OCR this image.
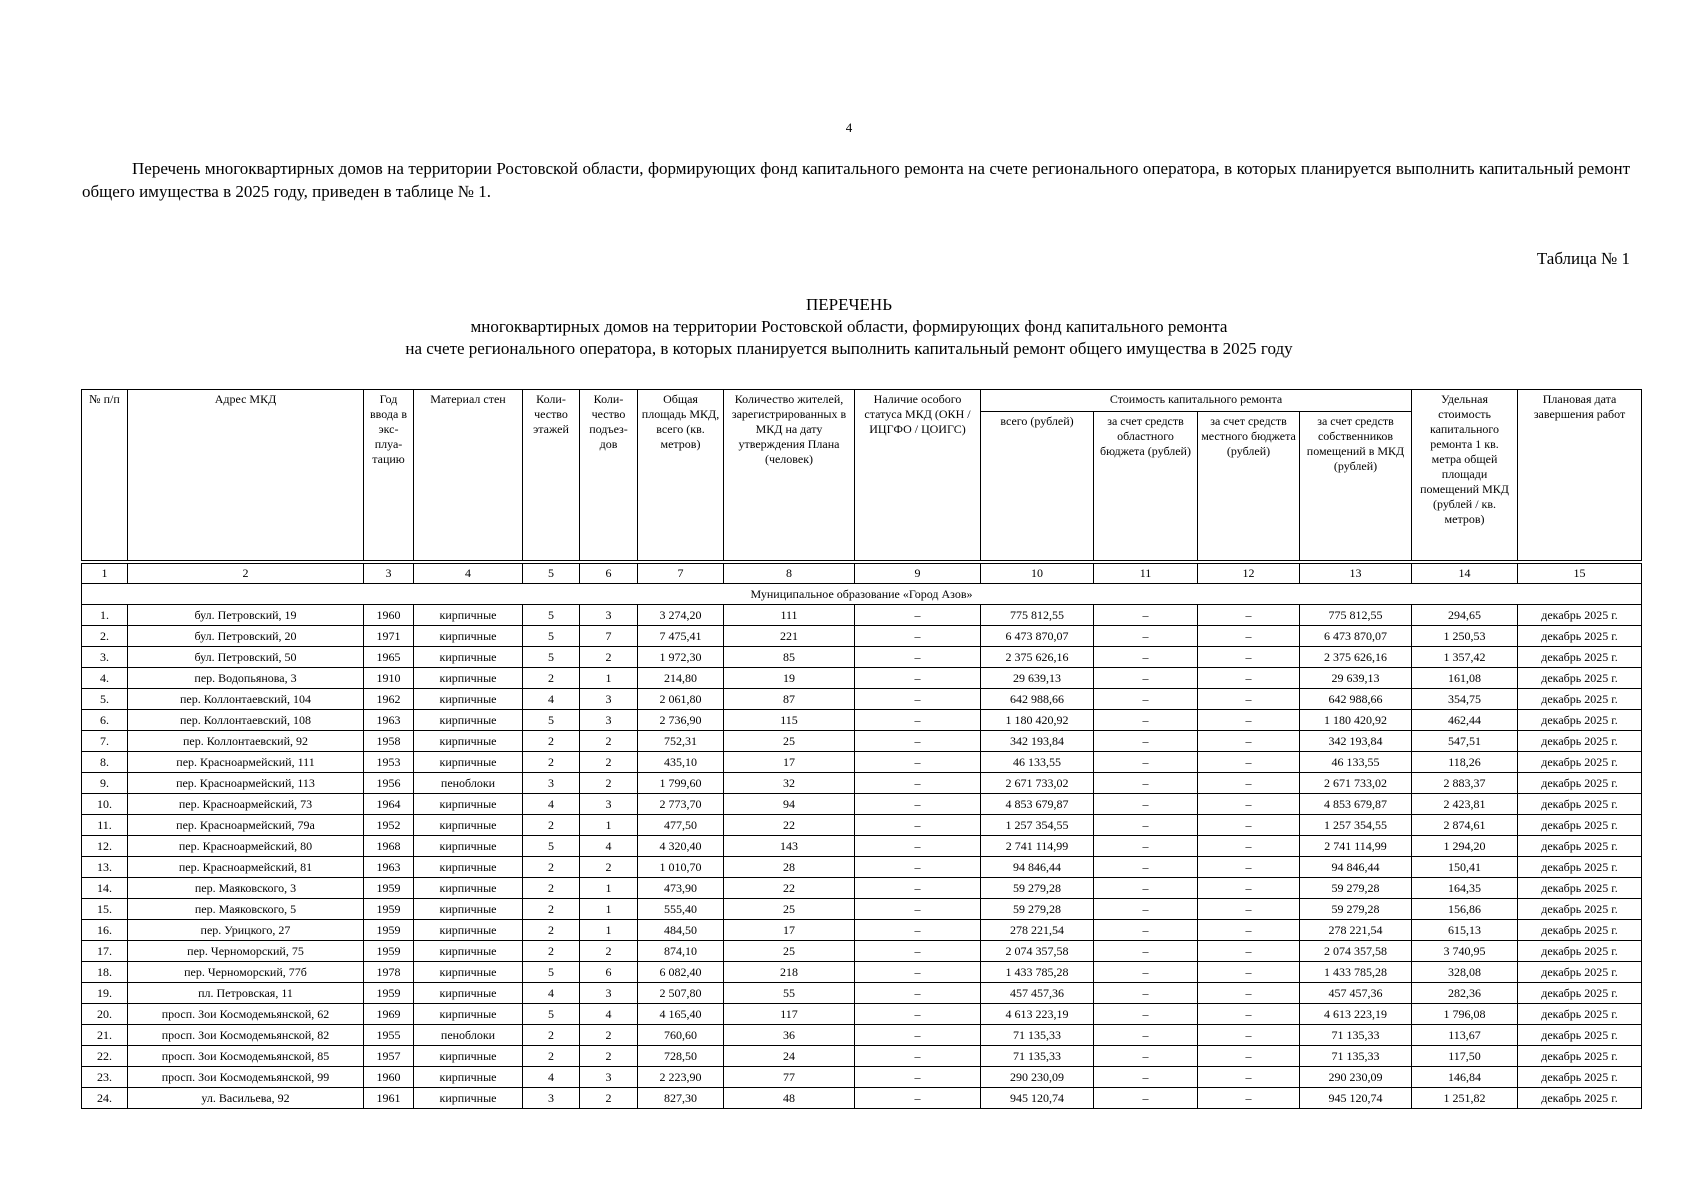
4

Перечень многоквартирных домов на территории Ростовской области, формирующих фонд капитального ремонта на счете регионального оператора, в которых планируется выполнить капитальный ремонт общего имущества в 2025 году, приведен в таблице № 1.

Таблица № 1
ПЕРЕЧЕНЬ
многоквартирных домов на территории Ростовской области, формирующих фонд капитального ремонта
на счете регионального оператора, в которых планируется выполнить капитальный ремонт общего имущества в 2025 году
№ п/п	Адрес МКД	Год ввода в экс- плуа- тацию	Материал стен	Коли- чество этажей	Коли- чество подъез- дов	Общая площадь МКД, всего (кв. метров)	Количество жителей, зарегистрированных в МКД на дату утверждения Плана (человек)	Наличие особого статуса МКД (ОКН / ИЦГФО / ЦОИГС)	Стоимость капитального ремонта				Удельная стоимость капитального ремонта 1 кв. метра общей площади помещений МКД (рублей / кв. метров)	Плановая дата завершения работ
									всего (рублей)	за счет средств областного бюджета (рублей)	за счет средств местного бюджета (рублей)	за счет средств собственников помещений в МКД (рублей)		

1	2	3	4	5	6	7	8	9	10	11	12	13	14	15
Муниципальное образование «Город Азов»														
1.	бул. Петровский, 19	1960	кирпичные	5	3	3 274,20	111	–	775 812,55	–	–	775 812,55	294,65	декабрь 2025 г.
2.	бул. Петровский, 20	1971	кирпичные	5	7	7 475,41	221	–	6 473 870,07	–	–	6 473 870,07	1 250,53	декабрь 2025 г.
3.	бул. Петровский, 50	1965	кирпичные	5	2	1 972,30	85	–	2 375 626,16	–	–	2 375 626,16	1 357,42	декабрь 2025 г.
4.	пер. Водопьянова, 3	1910	кирпичные	2	1	214,80	19	–	29 639,13	–	–	29 639,13	161,08	декабрь 2025 г.
5.	пер. Коллонтаевский, 104	1962	кирпичные	4	3	2 061,80	87	–	642 988,66	–	–	642 988,66	354,75	декабрь 2025 г.
6.	пер. Коллонтаевский, 108	1963	кирпичные	5	3	2 736,90	115	–	1 180 420,92	–	–	1 180 420,92	462,44	декабрь 2025 г.
7.	пер. Коллонтаевский, 92	1958	кирпичные	2	2	752,31	25	–	342 193,84	–	–	342 193,84	547,51	декабрь 2025 г.
8.	пер. Красноармейский, 111	1953	кирпичные	2	2	435,10	17	–	46 133,55	–	–	46 133,55	118,26	декабрь 2025 г.
9.	пер. Красноармейский, 113	1956	пеноблоки	3	2	1 799,60	32	–	2 671 733,02	–	–	2 671 733,02	2 883,37	декабрь 2025 г.
10.	пер. Красноармейский, 73	1964	кирпичные	4	3	2 773,70	94	–	4 853 679,87	–	–	4 853 679,87	2 423,81	декабрь 2025 г.
11.	пер. Красноармейский, 79а	1952	кирпичные	2	1	477,50	22	–	1 257 354,55	–	–	1 257 354,55	2 874,61	декабрь 2025 г.
12.	пер. Красноармейский, 80	1968	кирпичные	5	4	4 320,40	143	–	2 741 114,99	–	–	2 741 114,99	1 294,20	декабрь 2025 г.
13.	пер. Красноармейский, 81	1963	кирпичные	2	2	1 010,70	28	–	94 846,44	–	–	94 846,44	150,41	декабрь 2025 г.
14.	пер. Маяковского, 3	1959	кирпичные	2	1	473,90	22	–	59 279,28	–	–	59 279,28	164,35	декабрь 2025 г.
15.	пер. Маяковского, 5	1959	кирпичные	2	1	555,40	25	–	59 279,28	–	–	59 279,28	156,86	декабрь 2025 г.
16.	пер. Урицкого, 27	1959	кирпичные	2	1	484,50	17	–	278 221,54	–	–	278 221,54	615,13	декабрь 2025 г.
17.	пер. Черноморский, 75	1959	кирпичные	2	2	874,10	25	–	2 074 357,58	–	–	2 074 357,58	3 740,95	декабрь 2025 г.
18.	пер. Черноморский, 77б	1978	кирпичные	5	6	6 082,40	218	–	1 433 785,28	–	–	1 433 785,28	328,08	декабрь 2025 г.
19.	пл. Петровская, 11	1959	кирпичные	4	3	2 507,80	55	–	457 457,36	–	–	457 457,36	282,36	декабрь 2025 г.
20.	просп. Зои Космодемьянской, 62	1969	кирпичные	5	4	4 165,40	117	–	4 613 223,19	–	–	4 613 223,19	1 796,08	декабрь 2025 г.
21.	просп. Зои Космодемьянской, 82	1955	пеноблоки	2	2	760,60	36	–	71 135,33	–	–	71 135,33	113,67	декабрь 2025 г.
22.	просп. Зои Космодемьянской, 85	1957	кирпичные	2	2	728,50	24	–	71 135,33	–	–	71 135,33	117,50	декабрь 2025 г.
23.	просп. Зои Космодемьянской, 99	1960	кирпичные	4	3	2 223,90	77	–	290 230,09	–	–	290 230,09	146,84	декабрь 2025 г.
24.	ул. Васильева, 92	1961	кирпичные	3	2	827,30	48	–	945 120,74	–	–	945 120,74	1 251,82	декабрь 2025 г.
